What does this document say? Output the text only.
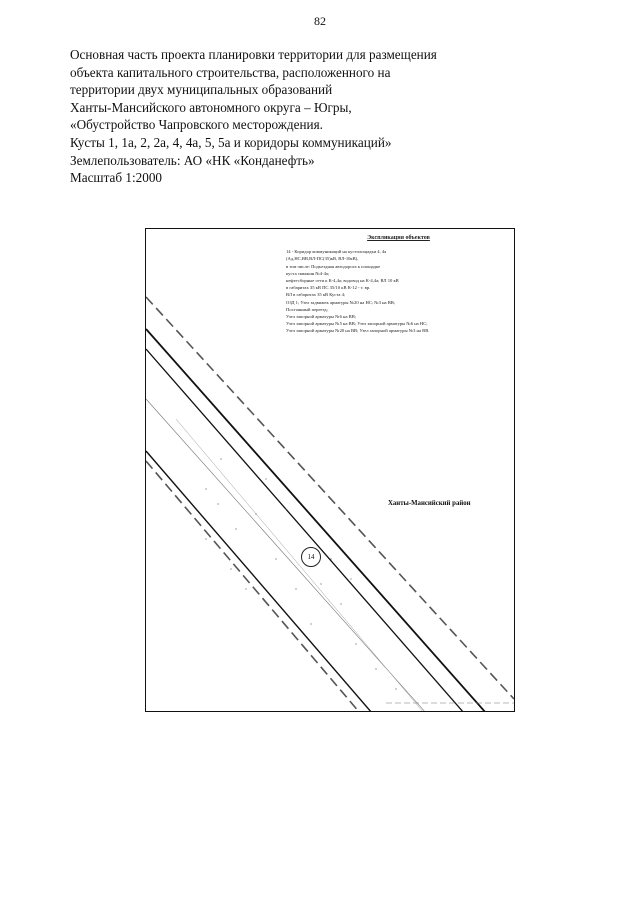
82
Основная часть проекта планировки территории для размещения
объекта капитального строительства, расположенного на
территории двух муниципальных образований
Ханты-Мансийского автономного округа – Югры,
«Обустройство Чапровского месторождения.
Кусты 1, 1а, 2, 2а, 4, 4а, 5, 5а и коридоры коммуникаций»
Землепользователь: АО «НК «Конданефть»
Масштаб 1:2000
Экспликация объектов
14 - Коридор коммуникаций на кустплощадки 4, 4а
(Ад,НС,ВВ,ВЛ-ПС(35)кВ, ВЛ-10кВ),
в том числе: Подъездная автодорога к площадке
куста скважин №4-4а;
нефтесборные сети к К-4,4а; водовод на К-4,4а; ВЛ 10 кВ
в габаритах 35 кВ ПС 35/10 кВ К-12 - т. вр.
ВЛ в габаритах 35 кВ Куста 4;
ОЗД 1; Узел задвижек арматуры №20 на НС; №3 на ВВ;
Постоянный переезд;
Узел запорной арматуры №6 на ВВ;
Узел запорной арматуры №5 на ВВ; Узел запорной арматуры №6 на НС;
Узел запорной арматуры №20 на ВВ; Узел запорной арматуры №3 на ВВ.
Ханты-Мансийский район
14
